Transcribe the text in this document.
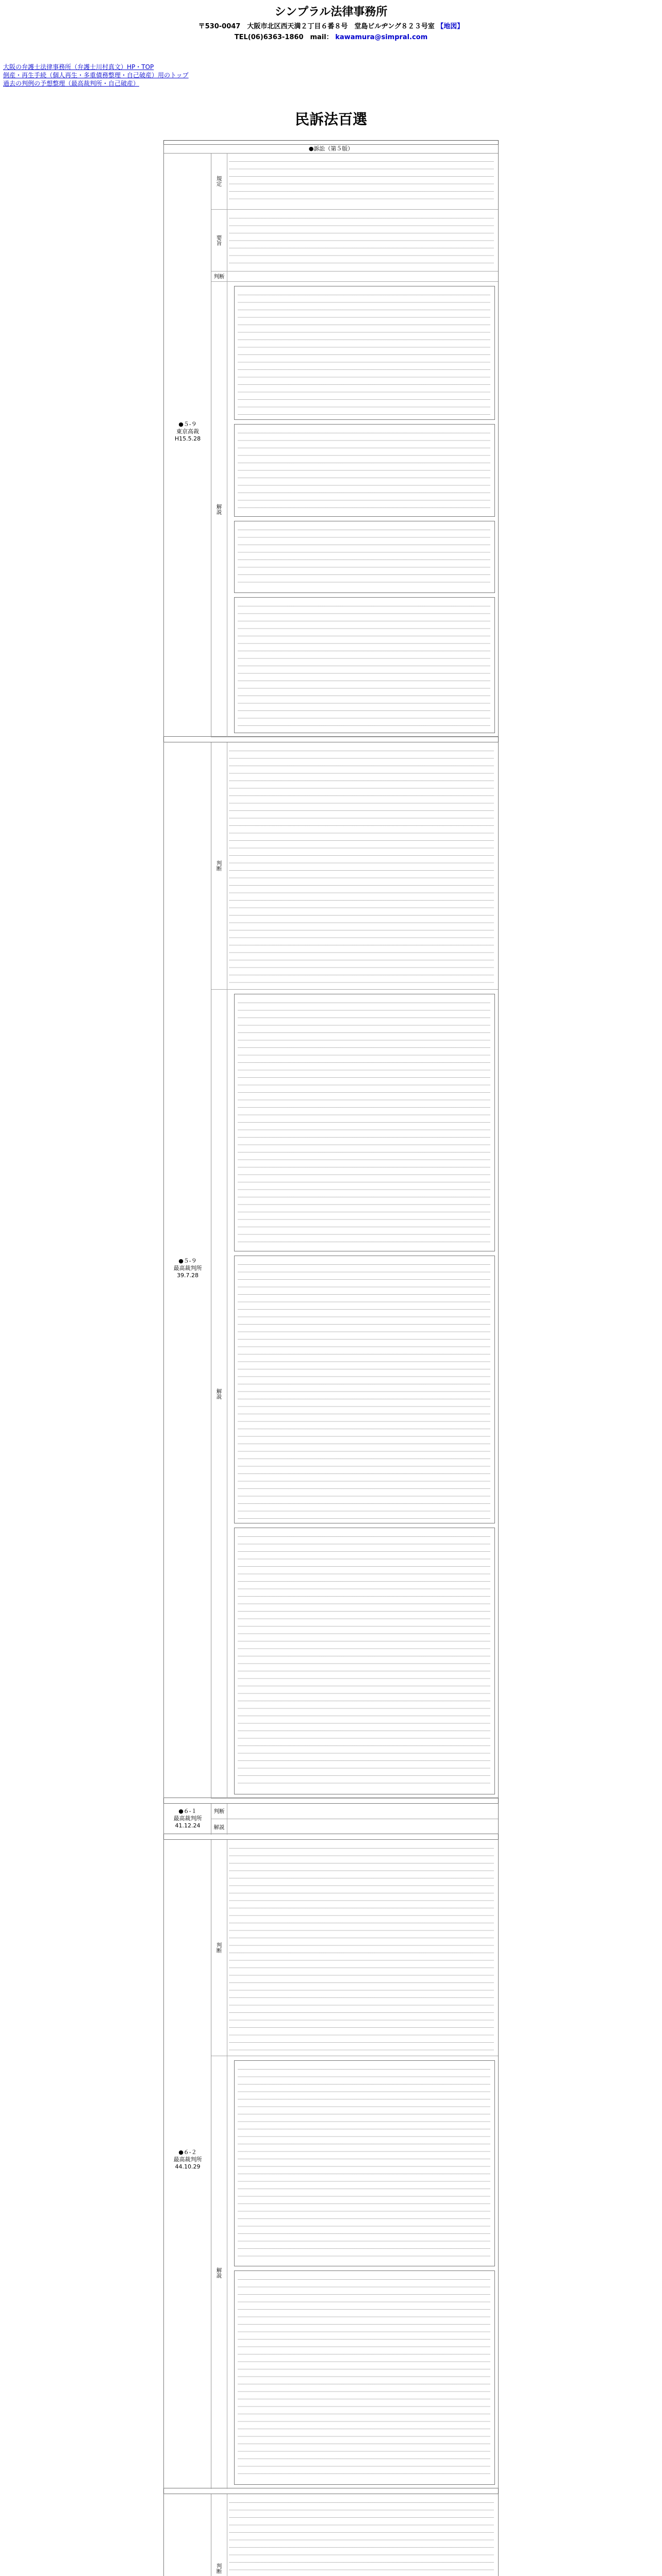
シンプラル法律事務所
〒530-0047　大阪市北区西天満２丁目６番８号　堂島ビルヂング８２３号室 【地図】
TEL(06)6363-1860　mail： kawamura@simpral.com
大阪の弁護士法律事務所（弁護士川村真文）HP・TOP
倒産・再生手続（個人再生・多重債務整理・自己破産）用のトップ
過去の判例の予想整理（最高裁判所・自己破産）
民訴法百選
●訴訟（第５版）
●５-９
東京高裁
H15.5.28
規定
要旨
判断
解説
●５-９
最高裁判所
39.7.28
判断
解説
●６-１
最高裁判所
41.12.24
判断
解説
●６-２
最高裁判所
44.10.29
判断
解説
判断
